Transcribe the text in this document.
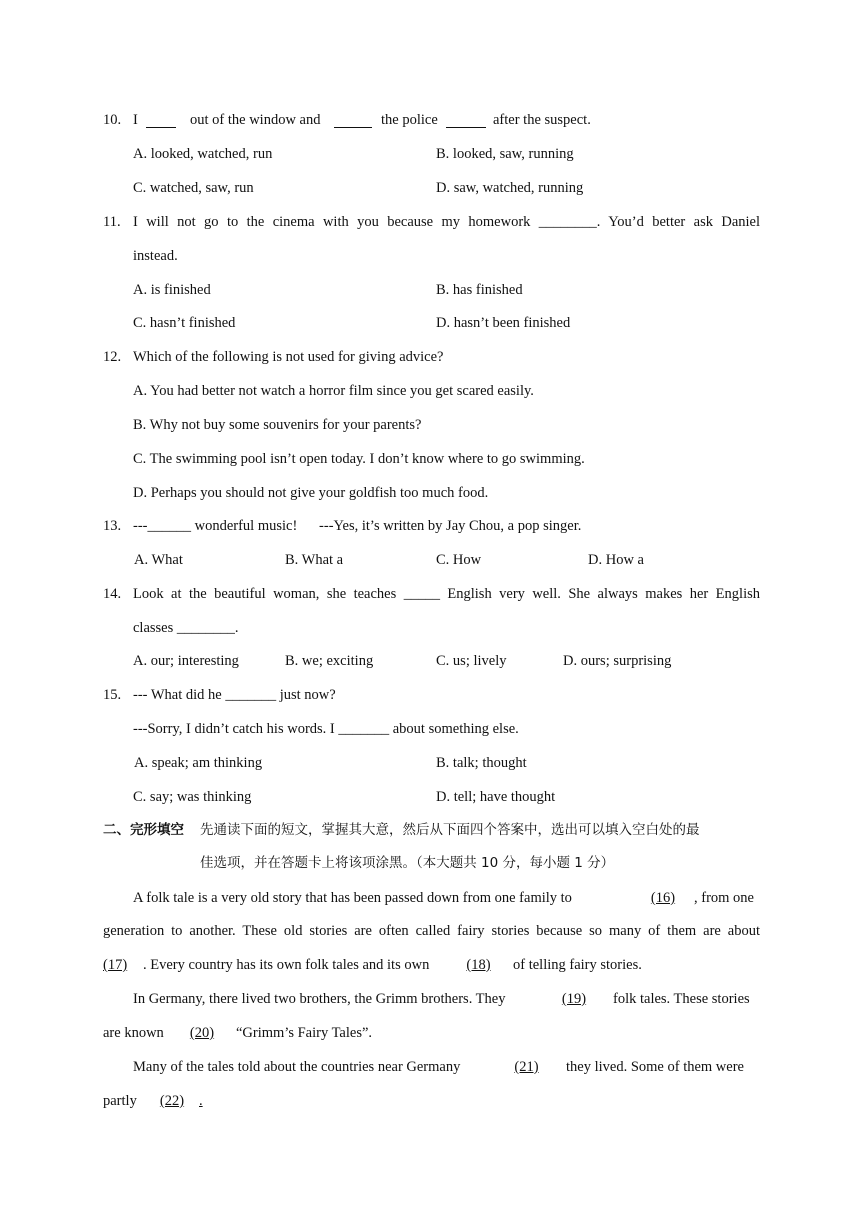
10. I	out of the window and	the police	after the suspect.
A. looked, watched, run	B. looked, saw, running
C. watched, saw, run	D. saw, watched, running
11. I will not go to the cinema with you because my homework ________. You’d better ask Daniel
instead.
A. is finished	B. has finished
C. hasn’t finished	D. hasn’t been finished
12. Which of the following is not used for giving advice?
A. You had better not watch a horror film since you get scared easily.
B. Why not buy some souvenirs for your parents?
C. The swimming pool isn’t open today. I don’t know where to go swimming.
D. Perhaps you should not give your goldfish too much food.
13. ---______ wonderful music!      ---Yes, it’s written by Jay Chou, a pop singer.
A. What	B. What a	C. How	D. How a
14. Look at the beautiful woman, she teaches _____ English very well. She always makes her English
classes ________.
A. our; interesting	B. we; exciting	C. us; lively	D. ours; surprising
15. --- What did he _______ just now?
---Sorry, I didn’t catch his words. I _______ about something else.
A. speak; am thinking	B. talk; thought
C. say; was thinking	D. tell; have thought
二、完形填空 先通读下面的短文，掌握其大意，然后从下面四个答案中，选出可以填入空白处的最
佳选项，并在答题卡上将该项涂黑。（本大题共 10 分，每小题 1 分）
A folk tale is a very old story that has been passed down from one family to	(16)	, from one
generation to another. These old stories are often called fairy stories because so many of them are about
(17)	. Every country has its own folk tales and its own	(18)	of telling fairy stories.
In Germany, there lived two brothers, the Grimm brothers. They	(19)	folk tales. These stories
are known	(20)	“Grimm’s Fairy Tales”.
Many of the tales told about the countries near Germany	(21)	they lived. Some of them were
partly	(22)	.
